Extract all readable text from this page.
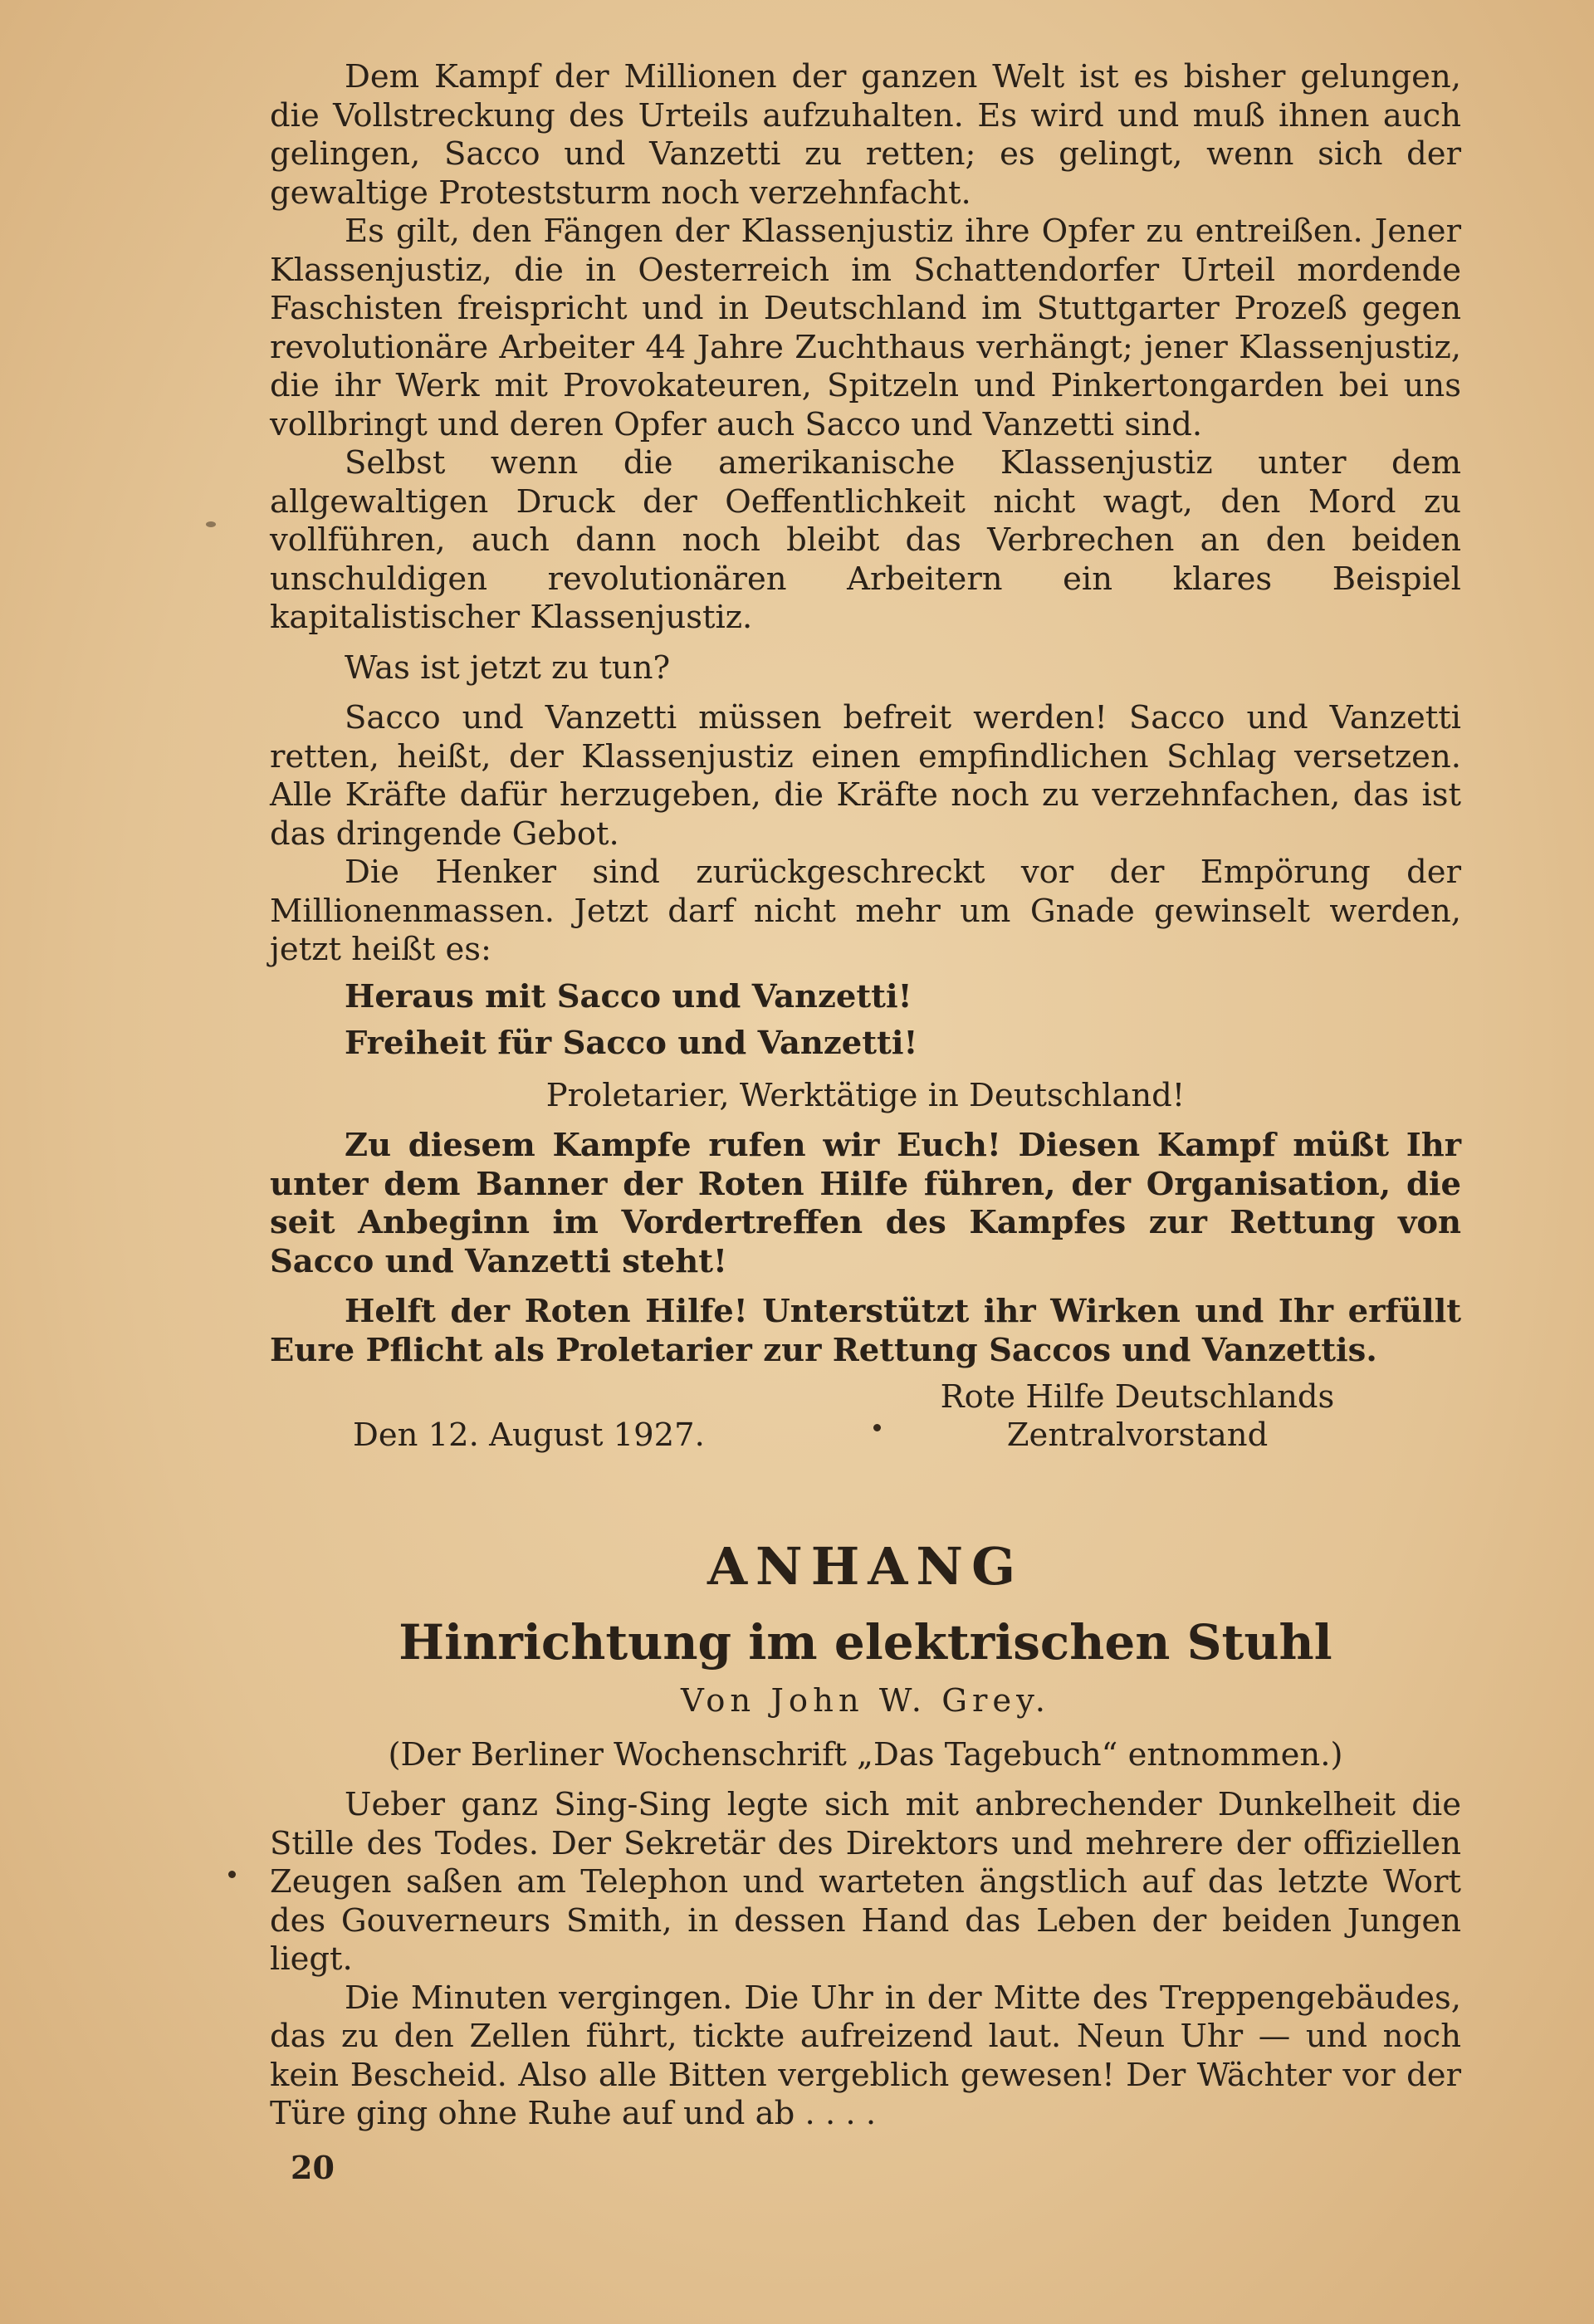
Dem Kampf der Millionen der ganzen Welt ist es bisher gelungen, die Vollstreckung des Urteils aufzuhalten. Es wird und muß ihnen auch gelingen, Sacco und Vanzetti zu retten; es gelingt, wenn sich der gewaltige Proteststurm noch verzehnfacht.

Es gilt, den Fängen der Klassenjustiz ihre Opfer zu entreißen. Jener Klassenjustiz, die in Oesterreich im Schattendorfer Urteil mordende Faschisten freispricht und in Deutschland im Stuttgarter Prozeß gegen revolutionäre Arbeiter 44 Jahre Zuchthaus verhängt; jener Klassenjustiz, die ihr Werk mit Provokateuren, Spitzeln und Pinkertongarden bei uns vollbringt und deren Opfer auch Sacco und Vanzetti sind.

Selbst wenn die amerikanische Klassenjustiz unter dem allgewaltigen Druck der Oeffentlichkeit nicht wagt, den Mord zu vollführen, auch dann noch bleibt das Verbrechen an den beiden unschuldigen revolutionären Arbeitern ein klares Beispiel kapitalistischer Klassenjustiz.

Was ist jetzt zu tun?

Sacco und Vanzetti müssen befreit werden! Sacco und Vanzetti retten, heißt, der Klassenjustiz einen empfindlichen Schlag versetzen. Alle Kräfte dafür herzugeben, die Kräfte noch zu verzehnfachen, das ist das dringende Gebot.

Die Henker sind zurückgeschreckt vor der Empörung der Millionenmassen. Jetzt darf nicht mehr um Gnade gewinselt werden, jetzt heißt es:

Heraus mit Sacco und Vanzetti!

Freiheit für Sacco und Vanzetti!

Proletarier, Werktätige in Deutschland!

Zu diesem Kampfe rufen wir Euch! Diesen Kampf müßt Ihr unter dem Banner der Roten Hilfe führen, der Organisation, die seit Anbeginn im Vordertreffen des Kampfes zur Rettung von Sacco und Vanzetti steht!

Helft der Roten Hilfe! Unterstützt ihr Wirken und Ihr erfüllt Eure Pflicht als Proletarier zur Rettung Saccos und Vanzettis.

Den 12. August 1927.
Rote Hilfe Deutschlands
Zentralvorstand
ANHANG
Hinrichtung im elektrischen Stuhl
Von John W. Grey.
(Der Berliner Wochenschrift „Das Tagebuch“ entnommen.)

Ueber ganz Sing-Sing legte sich mit anbrechender Dunkelheit die Stille des Todes. Der Sekretär des Direktors und mehrere der offiziellen Zeugen saßen am Telephon und warteten ängstlich auf das letzte Wort des Gouverneurs Smith, in dessen Hand das Leben der beiden Jungen liegt.

Die Minuten vergingen. Die Uhr in der Mitte des Treppengebäudes, das zu den Zellen führt, tickte aufreizend laut. Neun Uhr — und noch kein Bescheid. Also alle Bitten vergeblich gewesen! Der Wächter vor der Türe ging ohne Ruhe auf und ab . . . .

20
